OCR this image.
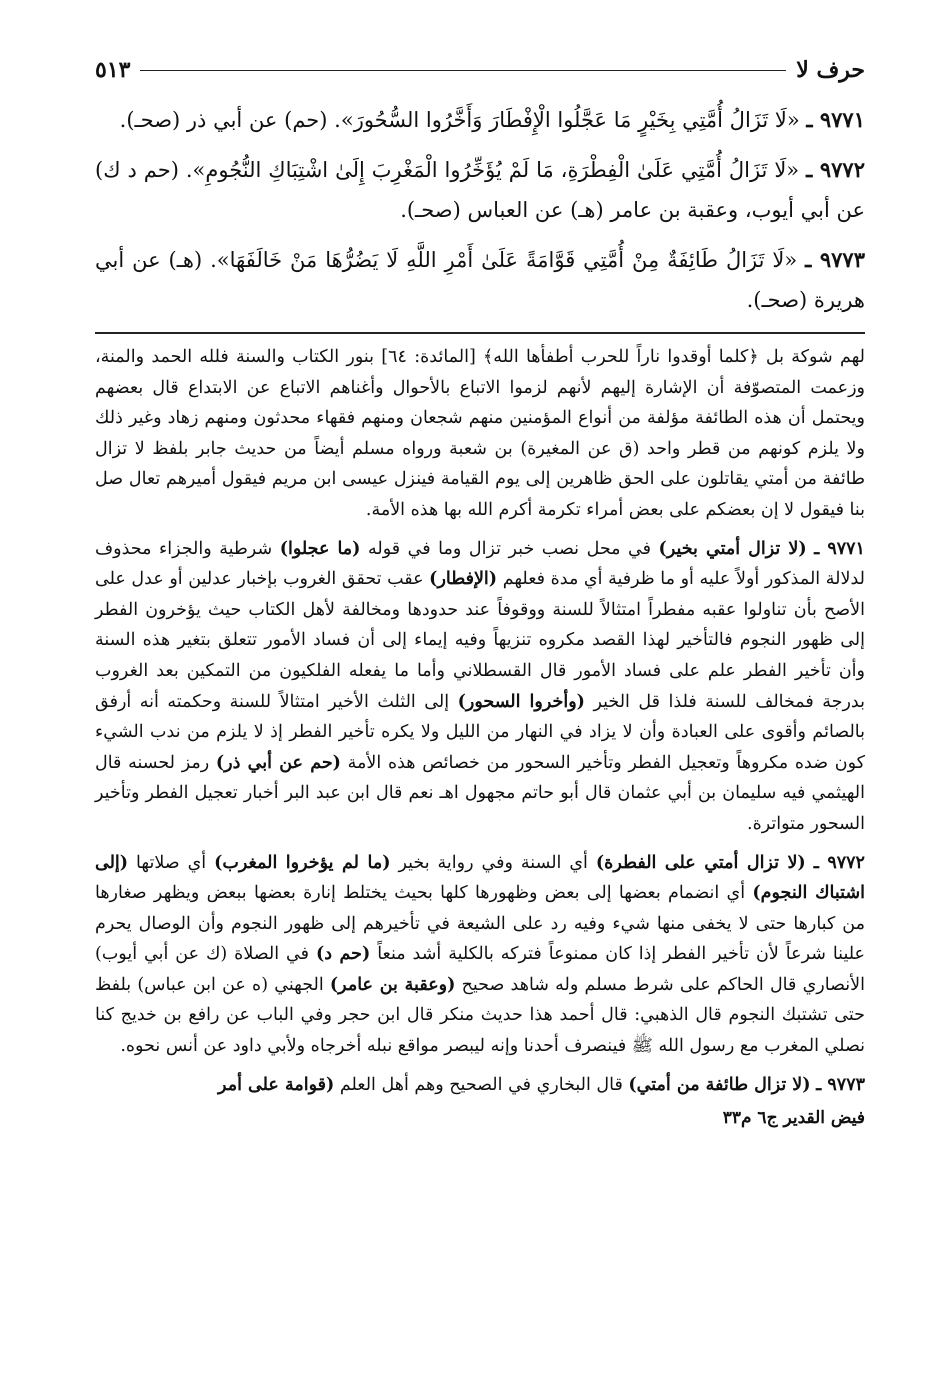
حرف لا
٥١٣
٩٧٧١ ـ «لَا تَزَالُ أُمَّتِي بِخَيْرٍ مَا عَجَّلُوا الْإِفْطَارَ وَأَخَّرُوا السُّحُورَ». (حم) عن أبي ذر (صحـ).
٩٧٧٢ ـ «لَا تَزَالُ أُمَّتِي عَلَىٰ الْفِطْرَةِ، مَا لَمْ يُؤَخِّرُوا الْمَغْرِبَ إِلَىٰ اشْتِبَاكِ النُّجُومِ». (حم د ك) عن أبي أيوب، وعقبة بن عامر (هـ) عن العباس (صحـ).
٩٧٧٣ ـ «لَا تَزَالُ طَائِفَةٌ مِنْ أُمَّتِي قَوَّامَةً عَلَىٰ أَمْرِ اللَّهِ لَا يَضُرُّهَا مَنْ خَالَفَهَا». (هـ) عن أبي هريرة (صحـ).

لهم شوكة بل ﴿كلما أوقدوا ناراً للحرب أطفأها الله﴾ [المائدة: ٦٤] بنور الكتاب والسنة فلله الحمد والمنة، وزعمت المتصوّفة أن الإشارة إليهم لأنهم لزموا الاتباع بالأحوال وأغناهم الاتباع عن الابتداع قال بعضهم ويحتمل أن هذه الطائفة مؤلفة من أنواع المؤمنين منهم شجعان ومنهم فقهاء محدثون ومنهم زهاد وغير ذلك ولا يلزم كونهم من قطر واحد (ق عن المغيرة) بن شعبة ورواه مسلم أيضاً من حديث جابر بلفظ لا تزال طائفة من أمتي يقاتلون على الحق ظاهرين إلى يوم القيامة فينزل عيسى ابن مريم فيقول أميرهم تعال صل بنا فيقول لا إن بعضكم على بعض أمراء تكرمة أكرم الله بها هذه الأمة.

٩٧٧١ ـ (لا تزال أمتي بخير) في محل نصب خبر تزال وما في قوله (ما عجلوا) شرطية والجزاء محذوف لدلالة المذكور أولاً عليه أو ما ظرفية أي مدة فعلهم (الإفطار) عقب تحقق الغروب بإخبار عدلين أو عدل على الأصح بأن تناولوا عقبه مفطراً امتثالاً للسنة ووقوفاً عند حدودها ومخالفة لأهل الكتاب حيث يؤخرون الفطر إلى ظهور النجوم فالتأخير لهذا القصد مكروه تنزيهاً وفيه إيماء إلى أن فساد الأمور تتعلق بتغير هذه السنة وأن تأخير الفطر علم على فساد الأمور قال القسطلاني وأما ما يفعله الفلكيون من التمكين بعد الغروب بدرجة فمخالف للسنة فلذا قل الخير (وأخروا السحور) إلى الثلث الأخير امتثالاً للسنة وحكمته أنه أرفق بالصائم وأقوى على العبادة وأن لا يزاد في النهار من الليل ولا يكره تأخير الفطر إذ لا يلزم من ندب الشيء كون ضده مكروهاً وتعجيل الفطر وتأخير السحور من خصائص هذه الأمة (حم عن أبي ذر) رمز لحسنه قال الهيثمي فيه سليمان بن أبي عثمان قال أبو حاتم مجهول اهـ نعم قال ابن عبد البر أخبار تعجيل الفطر وتأخير السحور متواترة.

٩٧٧٢ ـ (لا تزال أمتي على الفطرة) أي السنة وفي رواية بخير (ما لم يؤخروا المغرب) أي صلاتها (إلى اشتباك النجوم) أي انضمام بعضها إلى بعض وظهورها كلها بحيث يختلط إنارة بعضها ببعض ويظهر صغارها من كبارها حتى لا يخفى منها شيء وفيه رد على الشيعة في تأخيرهم إلى ظهور النجوم وأن الوصال يحرم علينا شرعاً لأن تأخير الفطر إذا كان ممنوعاً فتركه بالكلية أشد منعاً (حم د) في الصلاة (ك عن أبي أيوب) الأنصاري قال الحاكم على شرط مسلم وله شاهد صحيح (وعقبة بن عامر) الجهني (ه عن ابن عباس) بلفظ حتى تشتبك النجوم قال الذهبي: قال أحمد هذا حديث منكر قال ابن حجر وفي الباب عن رافع بن خديج كنا نصلي المغرب مع رسول الله ﷺ فينصرف أحدنا وإنه ليبصر مواقع نبله أخرجاه ولأبي داود عن أنس نحوه.

٩٧٧٣ ـ (لا تزال طائفة من أمتي) قال البخاري في الصحيح وهم أهل العلم (قوامة على أمر

فيض القدير ج٦ م٣٣
